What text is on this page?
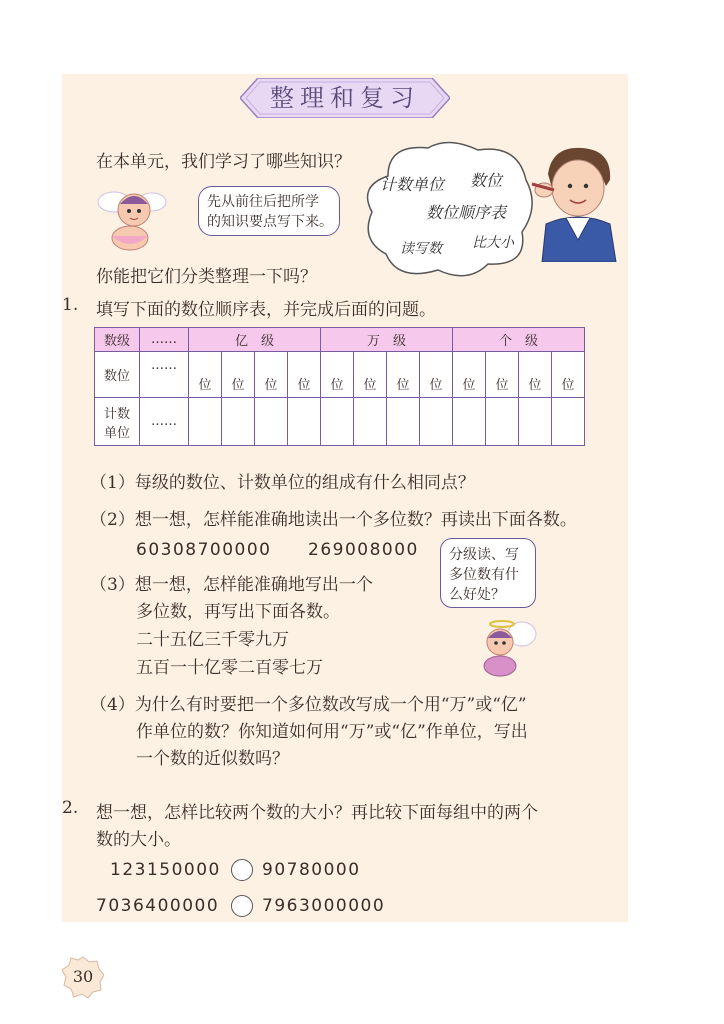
整理和复习
在本单元，我们学习了哪些知识？
先从前往后把所学
的知识要点写下来。
计数单位 数位
数位顺序表
读写数 比大小
你能把它们分类整理一下吗？
1. 填写下面的数位顺序表，并完成后面的问题。
数级	……	亿　级				万　级				个　级			
数位	……	位	位	位	位	位	位	位	位	位	位	位	位
计数
单位	……												
（1）每级的数位、计数单位的组成有什么相同点？
（2）想一想，怎样能准确地读出一个多位数？再读出下面各数。
60308700000 269008000
（3）想一想，怎样能准确地写出一个
多位数，再写出下面各数。
二十五亿三千零九万
五百一十亿零二百零七万
分级读、写
多位数有什
么好处？
（4）为什么有时要把一个多位数改写成一个用“万”或“亿”
作单位的数？你知道如何用“万”或“亿”作单位，写出
一个数的近似数吗？
2. 想一想，怎样比较两个数的大小？再比较下面每组中的两个
数的大小。
123150000 90780000
7036400000	7963000000
30
